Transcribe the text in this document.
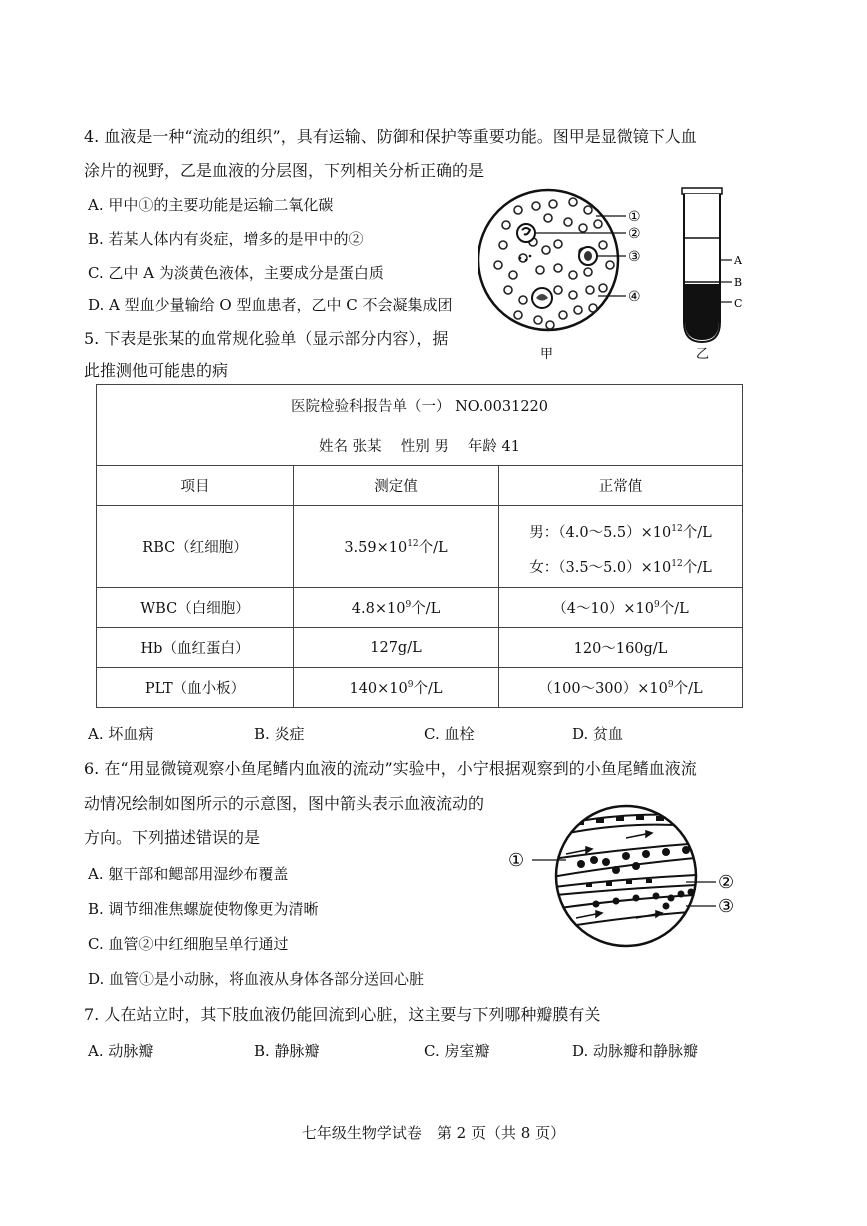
4. 血液是一种“流动的组织”，具有运输、防御和保护等重要功能。图甲是显微镜下人血
涂片的视野，乙是血液的分层图，下列相关分析正确的是
A. 甲中①的主要功能是运输二氧化碳
B. 若某人体内有炎症，增多的是甲中的②
C. 乙中 A 为淡黄色液体，主要成分是蛋白质
D. A 型血少量输给 O 型血患者，乙中 C 不会凝集成团
①
②
③
④
甲
A
B
C
乙
5. 下表是张某的血常规化验单（显示部分内容），据
此推测他可能患的病
医院检验科报告单（一） NO.0031220		
姓名 张某　 性别 男　 年龄 41		
项目	测定值	正常值
RBC（红细胞）	$3.59\times 10^{12}$个/L	男：$(4.0\sim 5.5)\times 10^{12}$个/L
女：$(3.5\sim 5.0)\times 10^{12}$个/L

WBC（白细胞）	$4.8\times 10^9$个/L	$(4\sim 10)\times 10^9$个/L
Hb（血红蛋白）	127g/L	120～160g/L
PLT（血小板）	$140\times 10^9$个/L	$(100\sim 300)\times 10^9$个/L
A. 坏血病	B. 炎症	C. 血栓	D. 贫血
6. 在“用显微镜观察小鱼尾鳍内血液的流动”实验中，小宁根据观察到的小鱼尾鳍血液流
动情况绘制如图所示的示意图，图中箭头表示血液流动的
方向。下列描述错误的是
A. 躯干部和鳃部用湿纱布覆盖
B. 调节细准焦螺旋使物像更为清晰
C. 血管②中红细胞呈单行通过
D. 血管①是小动脉，将血液从身体各部分送回心脏
①
②
③
7. 人在站立时，其下肢血液仍能回流到心脏，这主要与下列哪种瓣膜有关
A. 动脉瓣	B. 静脉瓣	C. 房室瓣	D. 动脉瓣和静脉瓣
七年级生物学试卷　第 2 页（共 8 页）
